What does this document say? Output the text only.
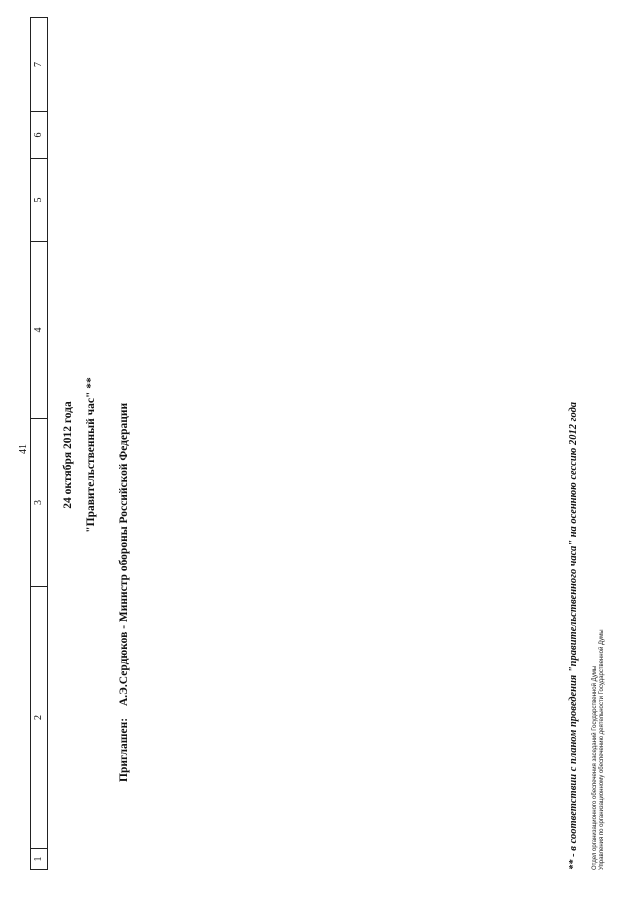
41
1	2	3	4	5	6	7
24 октября 2012 года "Правительственный час" **
Приглашен: А.Э.Сердюков - Министр обороны Российской Федерации	** - в соответствии с планом проведения "правительственного часа" на осеннюю сессию 2012 года Отдел организационного обеспечения заседаний Государственной Думы Управления по организационному обеспечению деятельности Государственной Думы
